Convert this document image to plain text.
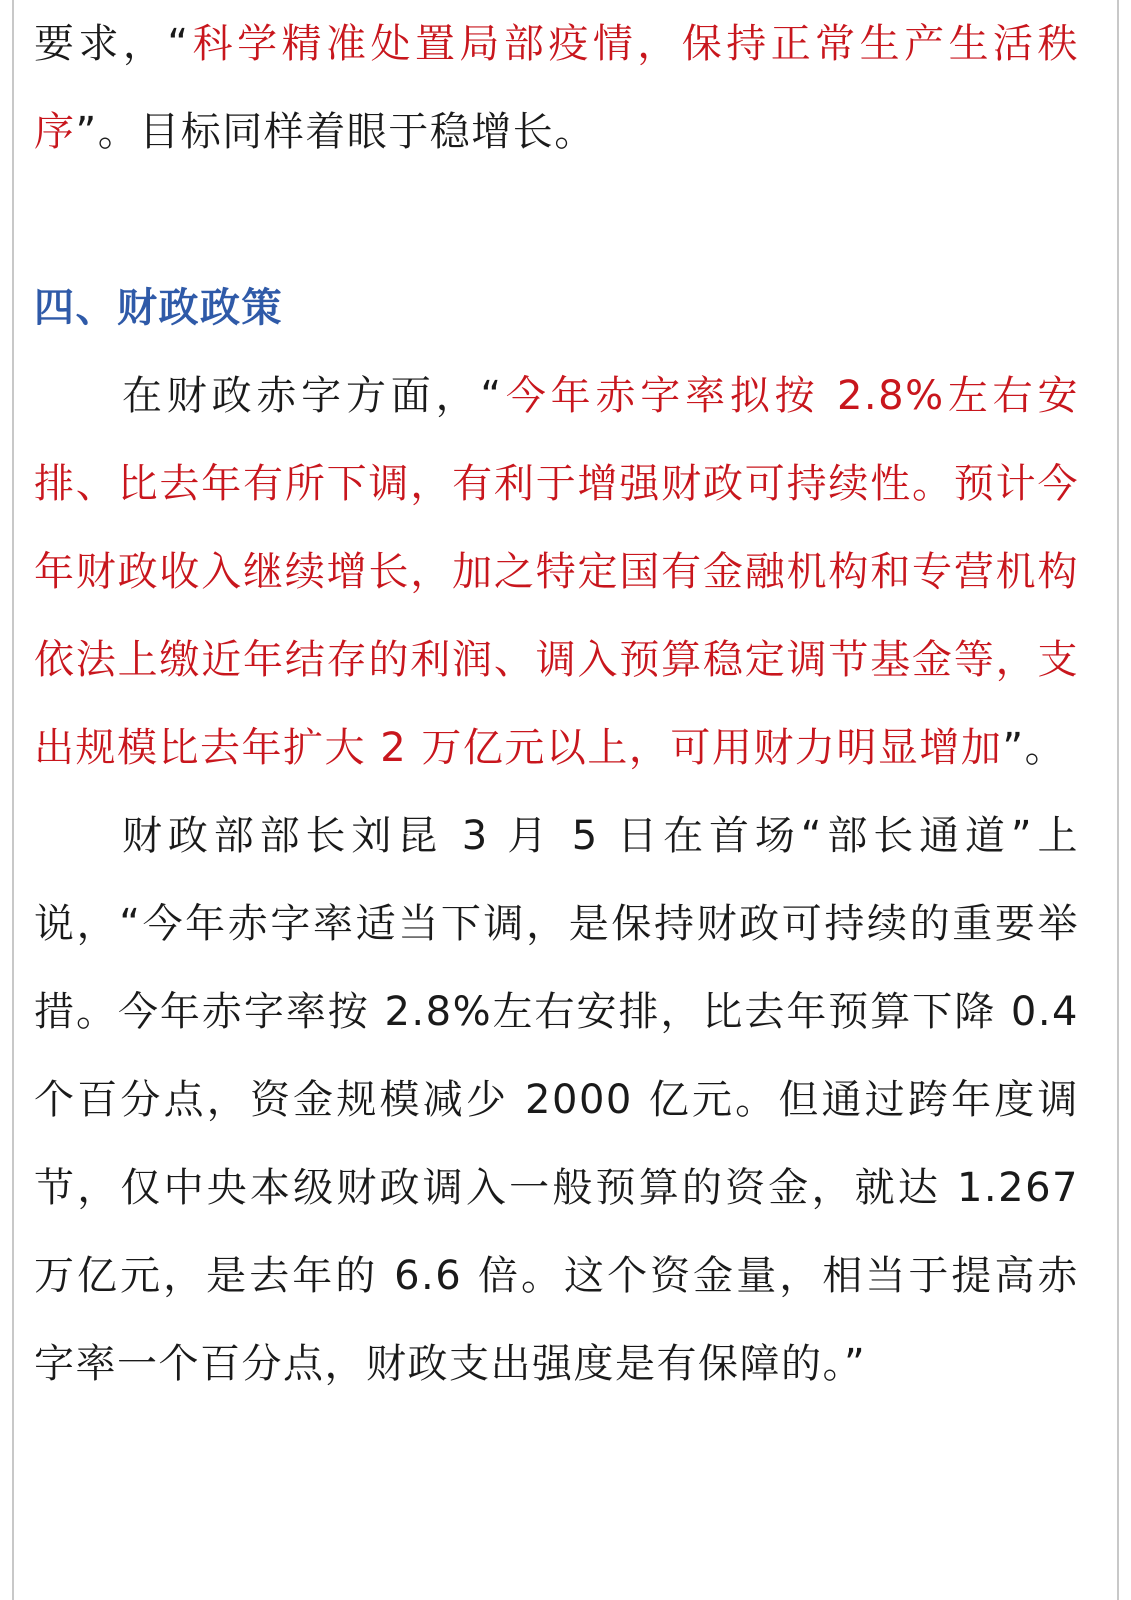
要求，“科学精准处置局部疫情，保持正常生产生活秩序”。目标同样着眼于稳增长。

四、财政政策

在财政赤字方面，“今年赤字率拟按 2.8%左右安排、比去年有所下调，有利于增强财政可持续性。预计今年财政收入继续增长，加之特定国有金融机构和专营机构依法上缴近年结存的利润、调入预算稳定调节基金等，支出规模比去年扩大 2 万亿元以上，可用财力明显增加”。

财政部部长刘昆 3 月 5 日在首场“部长通道”上说，“今年赤字率适当下调，是保持财政可持续的重要举措。今年赤字率按 2.8%左右安排，比去年预算下降 0.4 个百分点，资金规模减少 2000 亿元。但通过跨年度调节，仅中央本级财政调入一般预算的资金，就达 1.267 万亿元，是去年的 6.6 倍。这个资金量，相当于提高赤字率一个百分点，财政支出强度是有保障的。”
